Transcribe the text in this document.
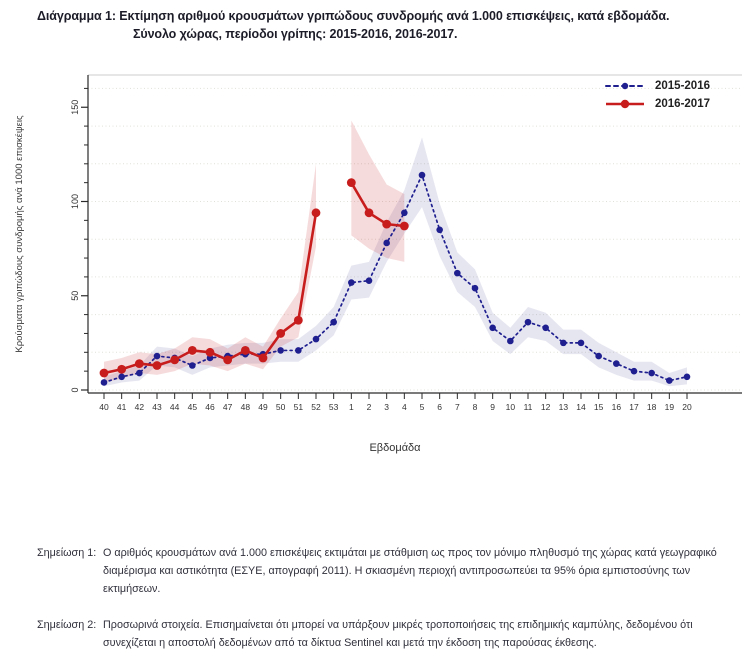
Διάγραμμα 1: Εκτίμηση αριθμού κρουσμάτων γριπώδους συνδρομής ανά 1.000 επισκέψεις, κατά εβδομάδα.
Σύνολο χώρας, περίοδοι γρίπης: 2015-2016, 2016-2017.
0
50
100
150
40 41 42 43 44 45 46 47 48 49 50 51 52 53 1 2 3 4 5 6 7 8 9 10 11 12 13 14 15 16 17 18 19 20
Κρούσματα γριπώδους συνδρομής ανά 1000 επισκέψεις
Εβδομάδα
2015-2016
2016-2017
Σημείωση 1: Ο αριθμός κρουσμάτων ανά 1.000 επισκέψεις εκτιμάται με στάθμιση ως προς τον μόνιμο πληθυσμό της χώρας κατά γεωγραφικό διαμέρισμα και αστικότητα (ΕΣΥΕ, απογραφή 2011). Η σκιασμένη περιοχή αντιπροσωπεύει τα 95% όρια εμπιστοσύνης των εκτιμήσεων.
Σημείωση 2: Προσωρινά στοιχεία. Επισημαίνεται ότι μπορεί να υπάρξουν μικρές τροποποιήσεις της επιδημικής καμπύλης, δεδομένου ότι συνεχίζεται η αποστολή δεδομένων από τα δίκτυα Sentinel και μετά την έκδοση της παρούσας έκθεσης.
